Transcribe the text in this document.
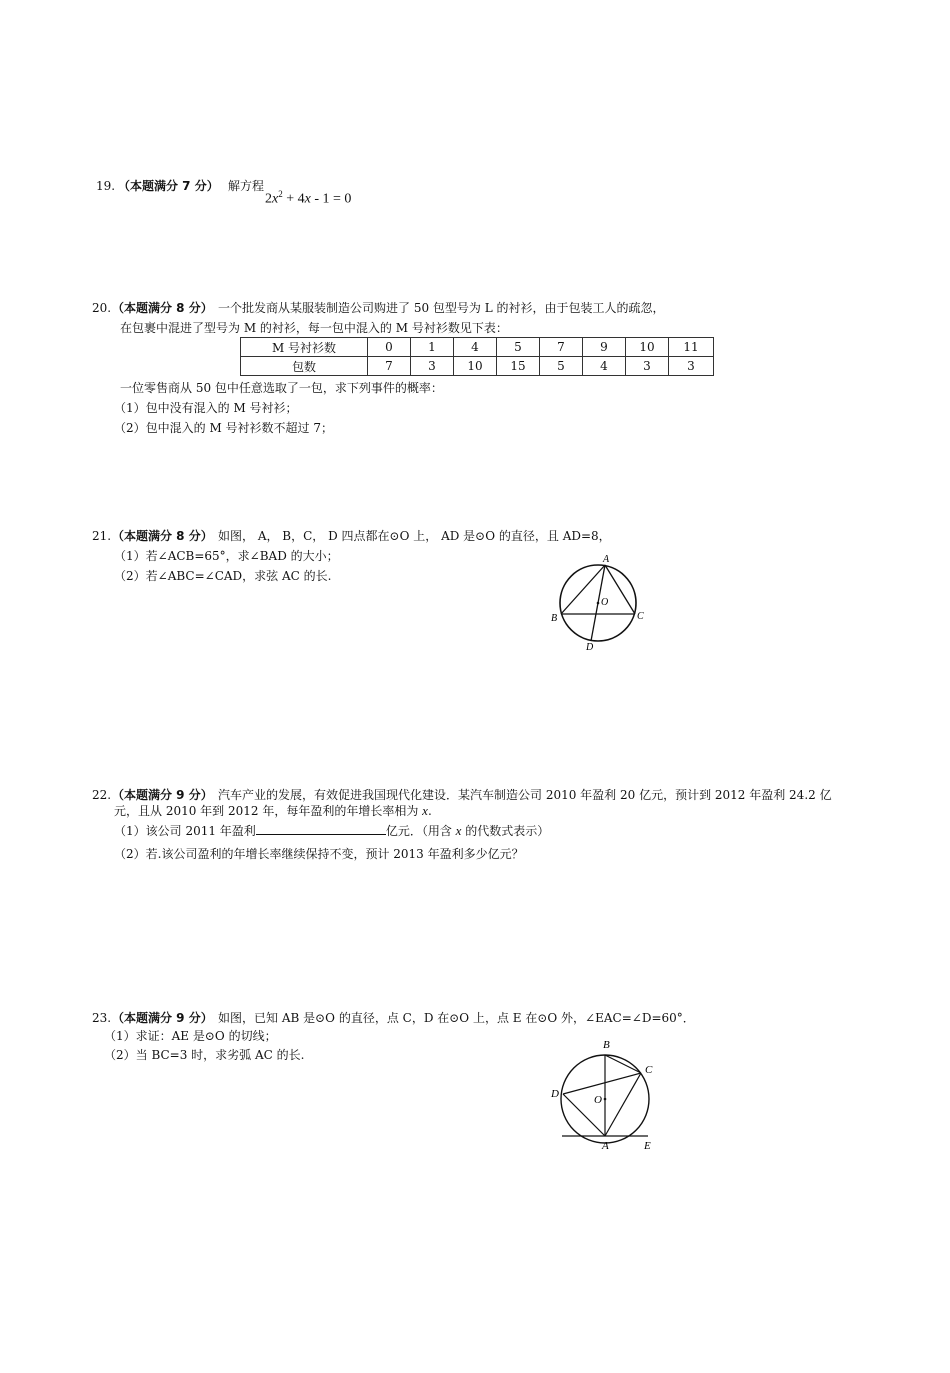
19. （本题满分 7 分） 解方程
$2x^2 + 4x - 1 = 0$
20. （本题满分 8 分） 一个批发商从某服装制造公司购进了 50 包型号为 L 的衬衫，由于包装工人的疏忽，
在包裹中混进了型号为 M 的衬衫，每一包中混入的 M 号衬衫数见下表：
M 号衬衫数	0	1	4	5	7	9	10	11
包数	7	3	10	15	5	4	3	3
一位零售商从 50 包中任意选取了一包，求下列事件的概率：
（1）包中没有混入的 M 号衬衫；
（2）包中混入的 M 号衬衫数不超过 7；
21. （本题满分 8 分） 如图， A， B，C， D 四点都在⊙O 上， AD 是⊙O 的直径，且 AD=8，
（1）若∠ACB=65°，求∠BAD 的大小；
（2）若∠ABC=∠CAD，求弦 AC 的长.
A
B	C
D
O
22. （本题满分 9 分） 汽车产业的发展，有效促进我国现代化建设．某汽车制造公司 2010 年盈利 20 亿元，预计到 2012 年盈利 24.2 亿
元，且从 2010 年到 2012 年，每年盈利的年增长率相为 x.
（1）该公司 2011 年盈利	亿元．（用含 x 的代数式表示）
（2）若.该公司盈利的年增长率继续保持不变，预计 2013 年盈利多少亿元？
23. （本题满分 9 分） 如图，已知 AB 是⊙O 的直径，点 C，D 在⊙O 上，点 E 在⊙O 外，∠EAC=∠D=60°．
（1）求证：AE 是⊙O 的切线；
（2）当 BC=3 时，求劣弧 AC 的长.
B
C
D	O
A	E
